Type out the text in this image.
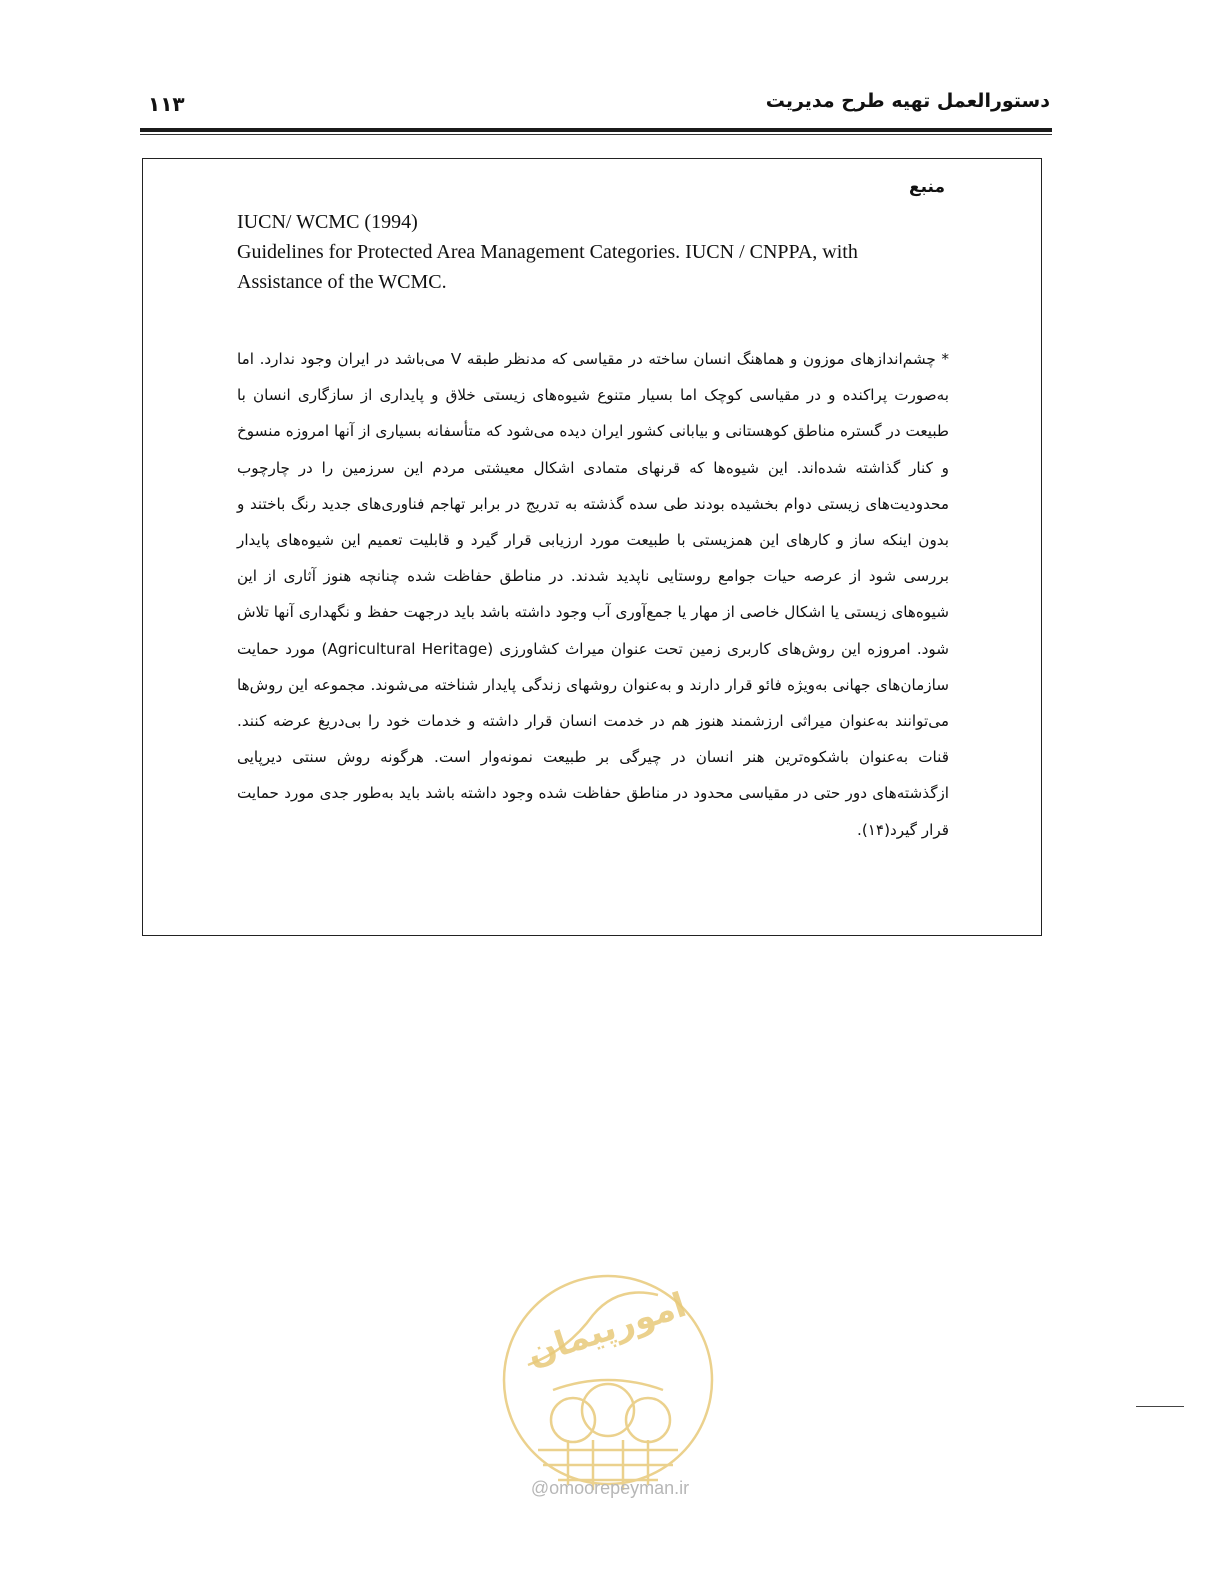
۱۱۳	دستورالعمل تهیه طرح مدیریت
منبع
IUCN/ WCMC (1994)
Guidelines for Protected Area Management Categories. IUCN / CNPPA, with
Assistance of the WCMC.
* چشم‌اندازهای موزون و هماهنگ انسان ساخته در مقیاسی که مدنظر طبقه V می‌باشد در ایران وجود ندارد. اما به‌صورت پراکنده و در مقیاسی کوچک اما بسیار متنوع شیوه‌های زیستی خلاق و پایداری از سازگاری انسان با طبیعت در گستره مناطق کوهستانی و بیابانی کشور ایران دیده می‌شود که متأسفانه بسیاری از آنها امروزه منسوخ و کنار گذاشته شده‌اند. این شیوه‌ها که قرنهای متمادی اشکال معیشتی مردم این سرزمین را در چارچوب محدودیت‌های زیستی دوام بخشیده بودند طی سده گذشته به تدریج در برابر تهاجم فناوری‌های جدید رنگ باختند و بدون اینکه ساز و کارهای این همزیستی با طبیعت مورد ارزیابی قرار گیرد و قابلیت تعمیم این شیوه‌های پایدار بررسی شود از عرصه حیات جوامع روستایی ناپدید شدند. در مناطق حفاظت شده چنانچه هنوز آثاری از این شیوه‌های زیستی یا اشکال خاصی از مهار یا جمع‌آوری آب وجود داشته باشد باید درجهت حفظ و نگهداری آنها تلاش شود. امروزه این روش‌های کاربری زمین تحت عنوان میراث کشاورزی (Agricultural Heritage) مورد حمایت سازمان‌های جهانی به‌ویژه فائو قرار دارند و به‌عنوان روشهای زندگی پایدار شناخته می‌شوند. مجموعه این روش‌ها می‌توانند به‌عنوان میراثی ارزشمند هنوز هم در خدمت انسان قرار داشته و خدمات خود را بی‌دریغ عرضه کنند. قنات به‌عنوان باشکوه‌ترین هنر انسان در چیرگی بر طبیعت نمونه‌وار است. هرگونه روش سنتی دیرپایی ازگذشته‌های دور حتی در مقیاسی محدود در مناطق حفاظت شده وجود داشته باشد باید به‌طور جدی مورد حمایت قرار گیرد(۱۴).
امورپیمان
@omoorepeyman.ir
